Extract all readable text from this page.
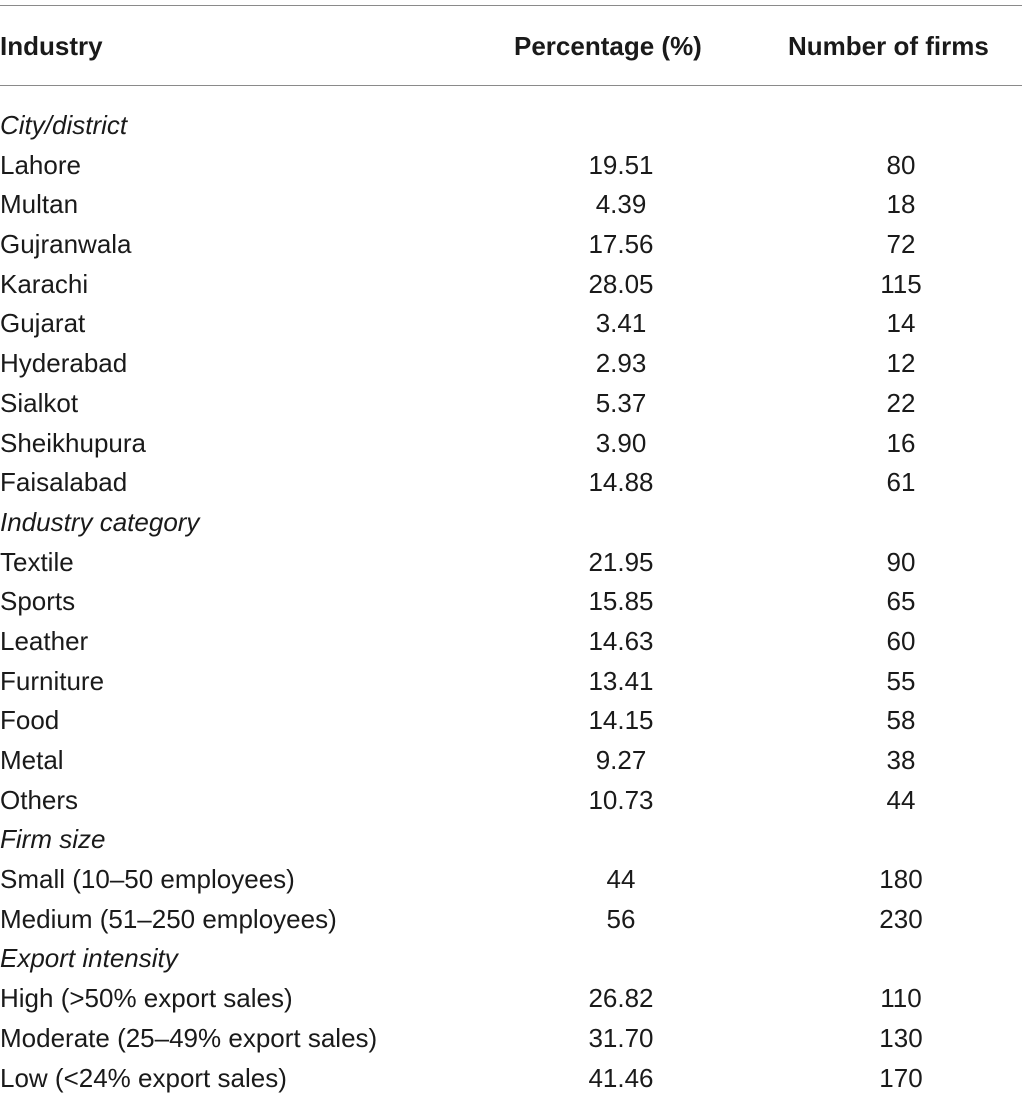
Industry	Percentage (%)	Number of firms
City/district
Lahore	19.51	80
Multan	4.39	18
Gujranwala	17.56	72
Karachi	28.05	115
Gujarat	3.41	14
Hyderabad	2.93	12
Sialkot	5.37	22
Sheikhupura	3.90	16
Faisalabad	14.88	61
Industry category
Textile	21.95	90
Sports	15.85	65
Leather	14.63	60
Furniture	13.41	55
Food	14.15	58
Metal	9.27	38
Others	10.73	44
Firm size
Small (10–50 employees)	44	180
Medium (51–250 employees)	56	230
Export intensity
High (>50% export sales)	26.82	110
Moderate (25–49% export sales)	31.70	130
Low (<24% export sales)	41.46	170
